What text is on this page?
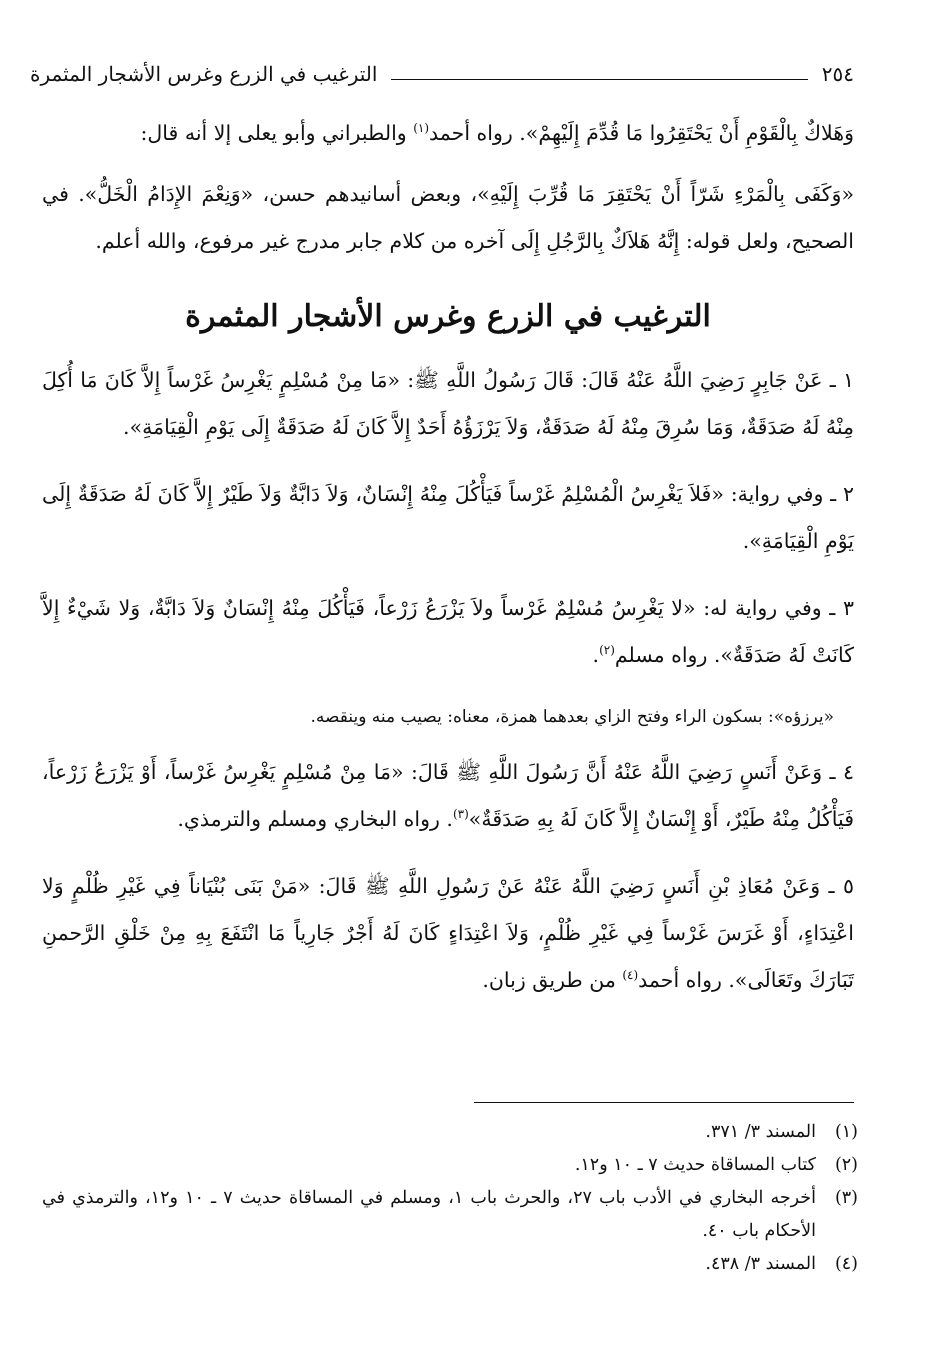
٢٥٤
الترغيب في الزرع وغرس الأشجار المثمرة

وَهَلاكٌ بِالْقَوْمِ أَنْ يَحْتَقِرُوا مَا قُدِّمَ إِلَيْهِمْ». رواه أحمد$^{(١)}$ والطبراني وأبو يعلى إلا أنه قال:

«وَكَفَى بِالْمَرْءِ شَرّاً أَنْ يَحْتَقِرَ مَا قُرِّبَ إِلَيْهِ»، وبعض أسانيدهم حسن، «وَنِعْمَ الإِدَامُ الْخَلُّ». في الصحيح، ولعل قوله: إِنَّهُ هَلاَكٌ بِالرَّجُلِ إِلَى آخره من كلام جابر مدرج غير مرفوع، والله أعلم.

الترغيب في الزرع وغرس الأشجار المثمرة

١ ـ عَنْ جَابِرٍ رَضِيَ اللَّهُ عَنْهُ قَالَ: قَالَ رَسُولُ اللَّهِ ﷺ: «مَا مِنْ مُسْلِمٍ يَغْرِسُ غَرْساً إِلاَّ كَانَ مَا أُكِلَ مِنْهُ لَهُ صَدَقَةٌ، وَمَا سُرِقَ مِنْهُ لَهُ صَدَقَةٌ، وَلاَ يَرْزَؤُهُ أَحَدٌ إِلاَّ كَانَ لَهُ صَدَقَةٌ إِلَى يَوْمِ الْقِيَامَةِ».

٢ ـ وفي رواية: «فَلاَ يَغْرِسُ الْمُسْلِمُ غَرْساً فَيَأْكُلَ مِنْهُ إِنْسَانٌ، وَلاَ دَابَّةٌ وَلاَ طَيْرٌ إِلاَّ كَانَ لَهُ صَدَقَةٌ إِلَى يَوْمِ الْقِيَامَةِ».

٣ ـ وفي رواية له: «لا يَغْرِسُ مُسْلِمٌ غَرْساً ولاَ يَزْرَعُ زَرْعاً، فَيَأْكُلَ مِنْهُ إِنْسَانٌ وَلاَ دَابَّةٌ، وَلا شَيْءٌ إِلاَّ كَانَتْ لَهُ صَدَقَةٌ». رواه مسلم$^{(٢)}$.

«يرزؤه»: بسكون الراء وفتح الزاي بعدهما همزة، معناه: يصيب منه وينقصه.

٤ ـ وَعَنْ أَنَسٍ رَضِيَ اللَّهُ عَنْهُ أَنَّ رَسُولَ اللَّهِ ﷺ قَالَ: «مَا مِنْ مُسْلِمٍ يَغْرِسُ غَرْساً، أَوْ يَزْرَعُ زَرْعاً، فَيَأْكُلُ مِنْهُ طَيْرٌ، أَوْ إِنْسَانٌ إِلاَّ كَانَ لَهُ بِهِ صَدَقَةٌ»$^{(٣)}$. رواه البخاري ومسلم والترمذي.

٥ ـ وَعَنْ مُعَاذِ بْنِ أَنَسٍ رَضِيَ اللَّهُ عَنْهُ عَنْ رَسُولِ اللَّهِ ﷺ قَالَ: «مَنْ بَنَى بُنْيَاناً فِي غَيْرِ ظُلْمٍ وَلا اعْتِدَاءٍ، أَوْ غَرَسَ غَرْساً فِي غَيْرِ ظُلْمٍ، وَلاَ اعْتِدَاءٍ كَانَ لَهُ أَجْرٌ جَارِياً مَا انْتَفَعَ بِهِ مِنْ خَلْقِ الرَّحمنِ تَبَارَكَ وتَعَالَى». رواه أحمد$^{(٤)}$ من طريق زبان.

(١)
المسند ٣/ ٣٧١.
(٢)
كتاب المساقاة حديث ٧ ـ ١٠ و١٢.
(٣)
أخرجه البخاري في الأدب باب ٢٧، والحرث باب ١، ومسلم في المساقاة حديث ٧ ـ ١٠ و١٢، والترمذي في الأحكام باب ٤٠.
(٤)
المسند ٣/ ٤٣٨.
